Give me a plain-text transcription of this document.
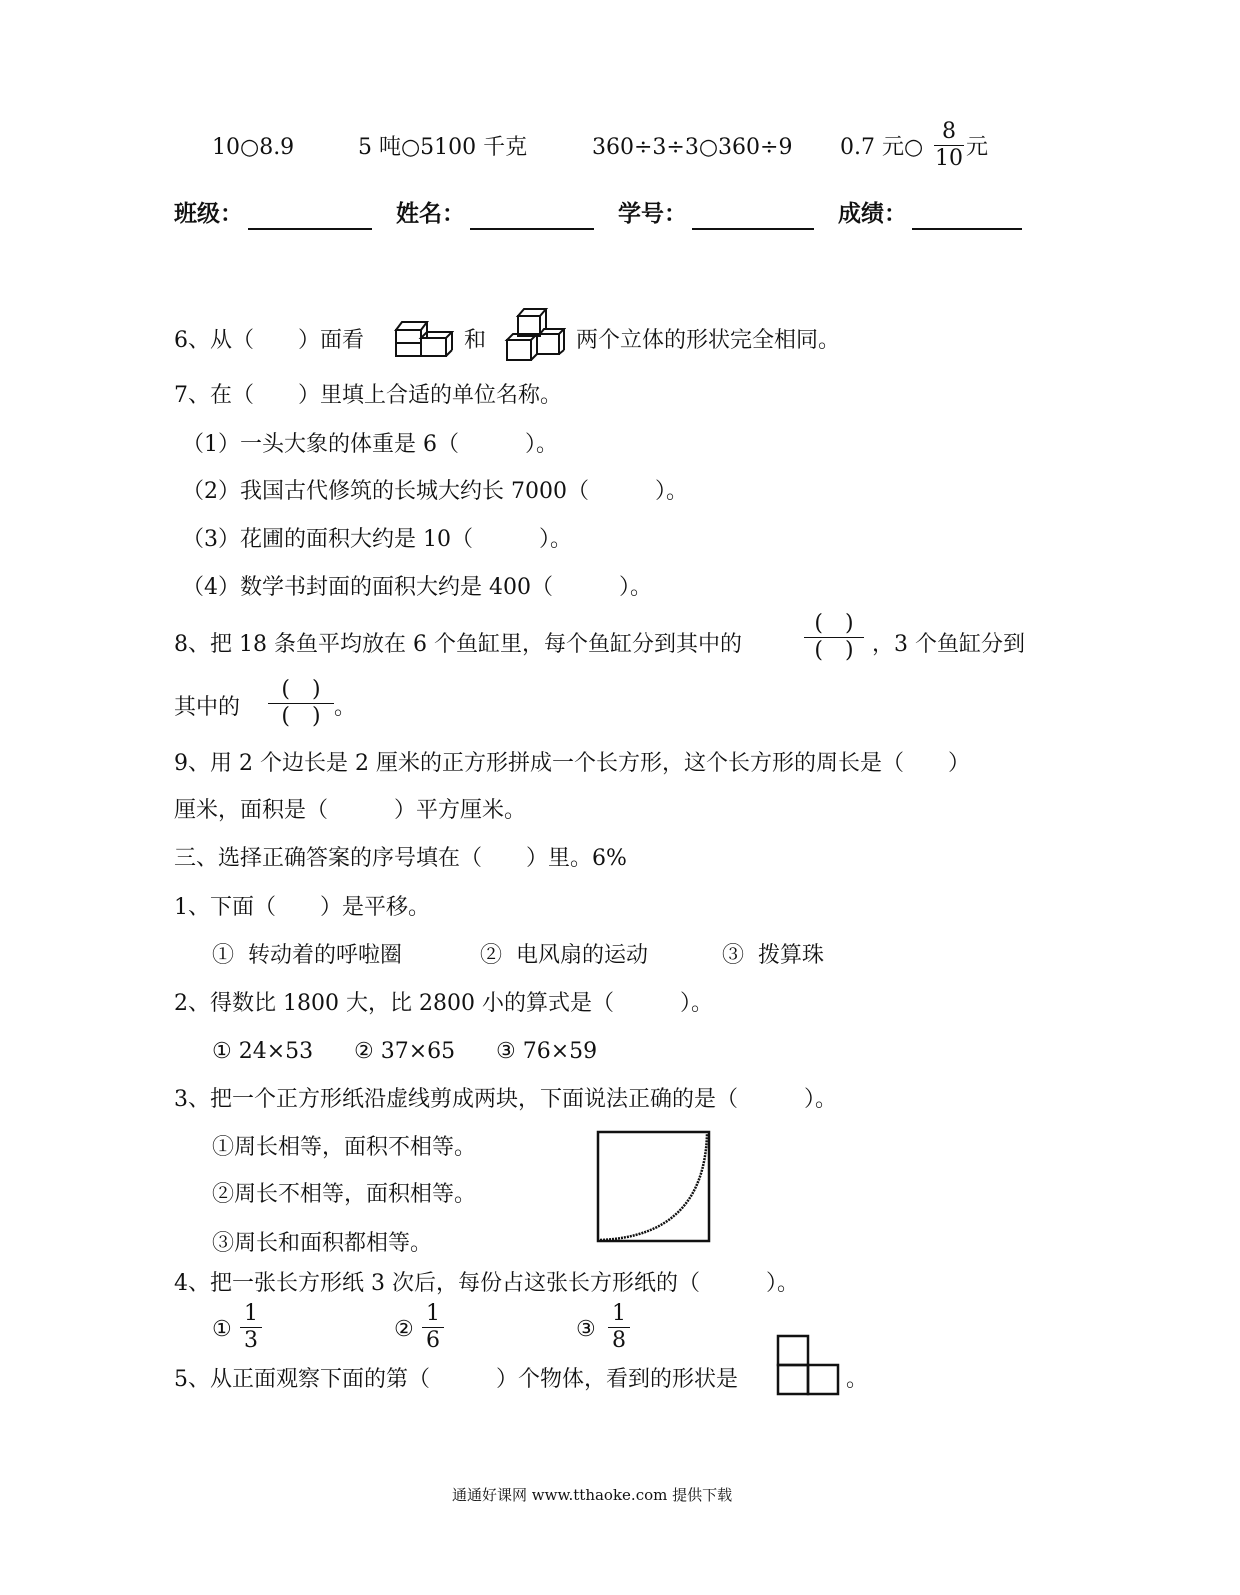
10○8.9	5 吨○5100 千克	360÷3÷3○360÷9 0.7 元○
8
10 元
班级：	姓名：	学号：	成绩：
6、从（　　）面看	和	两个立体的形状完全相同。
7、在（　　）里填上合适的单位名称。
（1）一头大象的体重是 6（　　　）。
（2）我国古代修筑的长城大约长 7000（　　　）。
（3）花圃的面积大约是 10（　　　）。
（4）数学书封面的面积大约是 400（　　　）。
8、把 18 条鱼平均放在 6 个鱼缸里，每个鱼缸分到其中的
(　)
(　) ，3 个鱼缸分到
其中的
(　)
(　) 。
9、用 2 个边长是 2 厘米的正方形拼成一个长方形，这个长方形的周长是（　　）
厘米，面积是（　　　）平方厘米。
三、选择正确答案的序号填在（　　）里。6%
1、下面（　　）是平移。
①  转动着的呼啦圈	②  电风扇的运动	③  拨算珠
2、得数比 1800 大，比 2800 小的算式是（　　　）。
① 24×53 ② 37×65 ③ 76×59
3、把一个正方形纸沿虚线剪成两块，下面说法正确的是（　　　）。
①周长相等，面积不相等。
②周长不相等，面积相等。
③周长和面积都相等。
4、把一张长方形纸 3 次后，每份占这张长方形纸的（　　　）。
①
1
3	②
1
6	③
1
8
5、从正面观察下面的第（　　　）个物体，看到的形状是	。
通通好课网 www.tthaoke.com 提供下载
